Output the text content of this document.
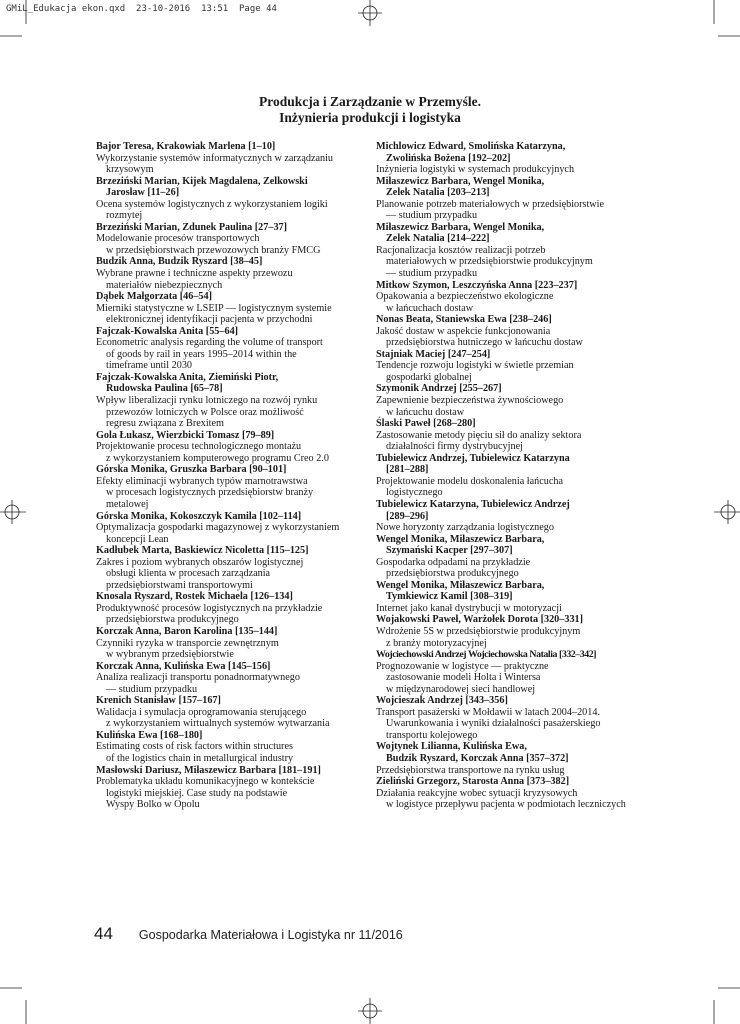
GMiL_Edukacja ekon.qxd  23-10-2016  13:51  Page 44
Produkcja i Zarządzanie w Przemyśle.
Inżynieria produkcji i logistyka
Bajor Teresa, Krakowiak Marlena [1–10]
Wykorzystanie systemów informatycznych w zarządzaniu
krzysowym
Brzeziński Marian, Kijek Magdalena, Zelkowski
Jarosław [11–26]
Ocena systemów logistycznych z wykorzystaniem logiki
rozmytej
Brzeziński Marian, Zdunek Paulina [27–37]
Modelowanie procesów transportowych
w przedsiębiorstwach przewozowych branży FMCG
Budzik Anna, Budzik Ryszard [38–45]
Wybrane prawne i techniczne aspekty przewozu
materiałów niebezpiecznych
Dąbek Małgorzata [46–54]
Mierniki statystyczne w LSEIP — logistycznym systemie
elektronicznej identyfikacji pacjenta w przychodni
Fajczak-Kowalska Anita [55–64]
Econometric analysis regarding the volume of transport
of goods by rail in years 1995–2014 within the
timeframe until 2030
Fajczak-Kowalska Anita, Ziemiński Piotr,
Rudowska Paulina [65–78]
Wpływ liberalizacji rynku lotniczego na rozwój rynku
przewozów lotniczych w Polsce oraz możliwość
regresu związana z Brexitem
Gola Łukasz, Wierzbicki Tomasz [79–89]
Projektowanie procesu technologicznego montażu
z wykorzystaniem komputerowego programu Creo 2.0
Górska Monika, Gruszka Barbara [90–101]
Efekty eliminacji wybranych typów marnotrawstwa
w procesach logistycznych przedsiębiorstw branży
metalowej
Górska Monika, Kokoszczyk Kamila [102–114]
Optymalizacja gospodarki magazynowej z wykorzystaniem
koncepcji Lean
Kadłubek Marta, Baskiewicz Nicoletta [115–125]
Zakres i poziom wybranych obszarów logistycznej
obsługi klienta w procesach zarządzania
przedsiębiorstwami transportowymi
Knosala Ryszard, Rostek Michaela [126–134]
Produktywność procesów logistycznych na przykładzie
przedsiębiorstwa produkcyjnego
Korczak Anna, Baron Karolina [135–144]
Czynniki ryzyka w transporcie zewnętrznym
w wybranym przedsiębiorstwie
Korczak Anna, Kulińska Ewa [145–156]
Analiza realizacji transportu ponadnormatywnego
— studium przypadku
Krenich Stanisław [157–167]
Walidacja i symulacja oprogramowania sterującego
z wykorzystaniem wirtualnych systemów wytwarzania
Kulińska Ewa [168–180]
Estimating costs of risk factors within structures
of the logistics chain in metallurgical industry
Masłowski Dariusz, Miłaszewicz Barbara [181–191]
Problematyka układu komunikacyjnego w kontekście
logistyki miejskiej. Case study na podstawie
Wyspy Bolko w Opolu
Michlowicz Edward, Smolińska Katarzyna,
Zwolińska Bożena [192–202]
Inżynieria logistyki w systemach produkcyjnych
Miłaszewicz Barbara, Wengel Monika,
Zelek Natalia [203–213]
Planowanie potrzeb materiałowych w przedsiębiorstwie
— studium przypadku
Miłaszewicz Barbara, Wengel Monika,
Zelek Natalia [214–222]
Racjonalizacja kosztów realizacji potrzeb
materiałowych w przedsiębiorstwie produkcyjnym
— studium przypadku
Mitkow Szymon, Leszczyńska Anna [223–237]
Opakowania a bezpieczeństwo ekologiczne
w łańcuchach dostaw
Nonas Beata, Staniewska Ewa [238–246]
Jakość dostaw w aspekcie funkcjonowania
przedsiębiorstwa hutniczego w łańcuchu dostaw
Stajniak Maciej [247–254]
Tendencje rozwoju logistyki w świetle przemian
gospodarki globalnej
Szymonik Andrzej [255–267]
Zapewnienie bezpieczeństwa żywnościowego
w łańcuchu dostaw
Ślaski Paweł [268–280]
Zastosowanie metody pięciu sił do analizy sektora
działalności firmy dystrybucyjnej
Tubielewicz Andrzej, Tubielewicz Katarzyna
[281–288]
Projektowanie modelu doskonalenia łańcucha
logistycznego
Tubielewicz Katarzyna, Tubielewicz Andrzej
[289–296]
Nowe horyzonty zarządzania logistycznego
Wengel Monika, Miłaszewicz Barbara,
Szymański Kacper [297–307]
Gospodarka odpadami na przykładzie
przedsiębiorstwa produkcyjnego
Wengel Monika, Miłaszewicz Barbara,
Tymkiewicz Kamil [308–319]
Internet jako kanał dystrybucji w motoryzacji
Wojakowski Paweł, Warżołek Dorota [320–331]
Wdrożenie 5S w przedsiębiorstwie produkcyjnym
z branży motoryzacyjnej
Wojciechowski Andrzej Wojciechowska Natalia [332–342]
Prognozowanie w logistyce — praktyczne
zastosowanie modeli Holta i Wintersa
w międzynarodowej sieci handlowej
Wojcieszak Andrzej [343–356]
Transport pasażerski w Mołdawii w latach 2004–2014.
Uwarunkowania i wyniki działalności pasażerskiego
transportu kolejowego
Wojtynek Lilianna, Kulińska Ewa,
Budzik Ryszard, Korczak Anna [357–372]
Przedsiębiorstwa transportowe na rynku usług
Zieliński Grzegorz, Starosta Anna [373–382]
Działania reakcyjne wobec sytuacji kryzysowych
w logistyce przepływu pacjenta w podmiotach leczniczych
44 Gospodarka Materiałowa i Logistyka nr 11/2016
